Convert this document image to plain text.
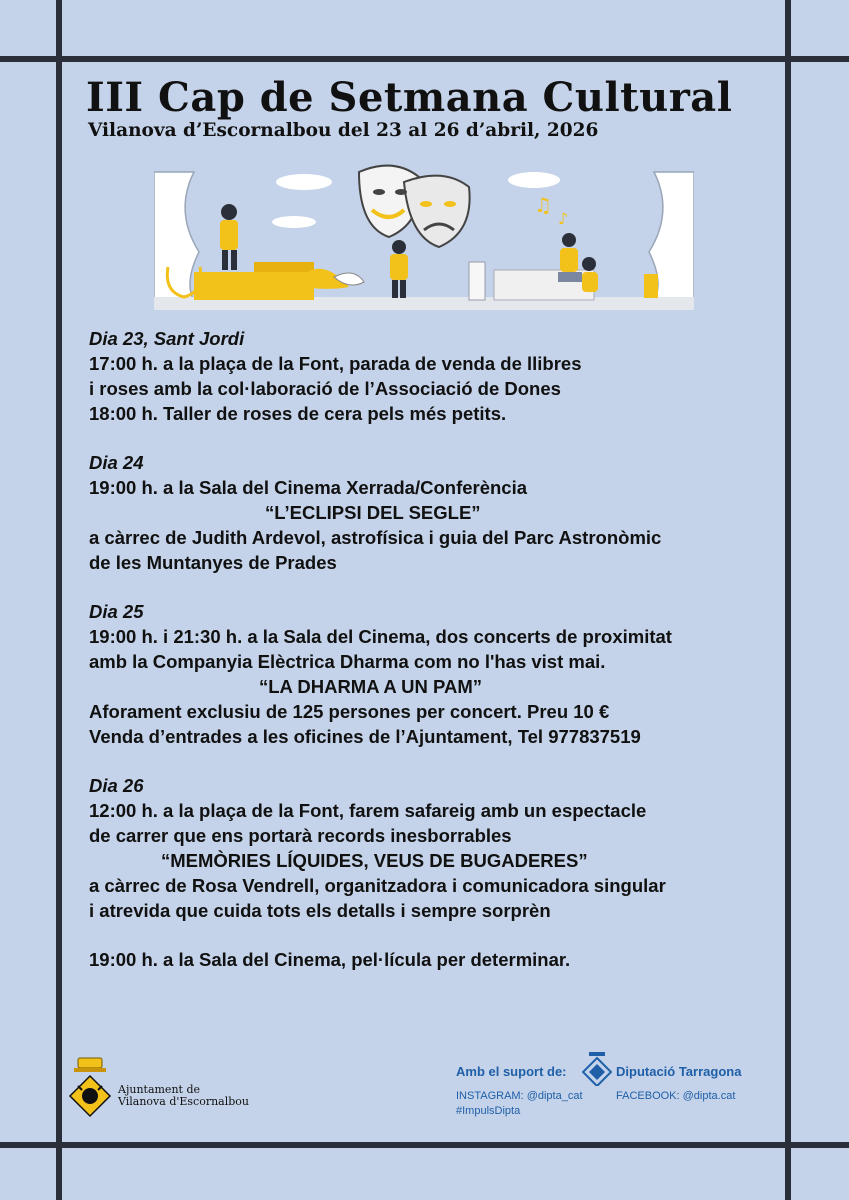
III Cap de Setmana Cultural

Vilanova d’Escornalbou del 23 al 26 d’abril, 2026

♫
♪
Dia 23, Sant Jordi
17:00 h. a la plaça de la Font, parada de venda de llibres
i roses amb la col·laboració de l’Associació de Dones
18:00 h. Taller de roses de cera pels més petits.
Dia 24
19:00 h. a la Sala del Cinema Xerrada/Conferència
“L’ECLIPSI DEL SEGLE”
a càrrec de Judith Ardevol, astrofísica i guia del Parc Astronòmic
de les Muntanyes de Prades
Dia 25
19:00 h. i 21:30 h. a la Sala del Cinema, dos concerts de proximitat
amb la Companyia Elèctrica Dharma com no l'has vist mai.
“LA DHARMA A UN PAM”
Aforament exclusiu de 125 persones per concert. Preu 10 €
Venda d’entrades a les oficines de l’Ajuntament, Tel 977837519
Dia 26
12:00 h. a la plaça de la Font, farem safareig amb un espectacle
de carrer que ens portarà records inesborrables
“MEMÒRIES LÍQUIDES, VEUS DE BUGADERES”
a càrrec de Rosa Vendrell, organitzadora i comunicadora singular
i atrevida que cuida tots els detalls i sempre sorprèn
19:00 h. a la Sala del Cinema, pel·lícula per determinar.
Ajuntament de
Vilanova d'Escornalbou
Amb el suport de:	Diputació Tarragona
INSTAGRAM: @dipta_cat	FACEBOOK: @dipta.cat
#ImpulsDipta
